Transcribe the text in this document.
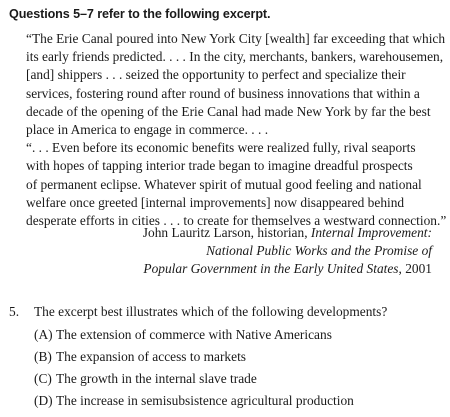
Questions 5–7 refer to the following excerpt.
“The Erie Canal poured into New York City [wealth] far exceeding that which
its early friends predicted. . . . In the city, merchants, bankers, warehousemen,
[and] shippers . . . seized the opportunity to perfect and specialize their
services, fostering round after round of business innovations that within a
decade of the opening of the Erie Canal had made New York by far the best
place in America to engage in commerce. . . .
“. . . Even before its economic benefits were realized fully, rival seaports
with hopes of tapping interior trade began to imagine dreadful prospects
of permanent eclipse. Whatever spirit of mutual good feeling and national
welfare once greeted [internal improvements] now disappeared behind
desperate efforts in cities . . . to create for themselves a westward connection.”
John Lauritz Larson, historian, Internal Improvement:
National Public Works and the Promise of
Popular Government in the Early United States, 2001
5. The excerpt best illustrates which of the following developments?
(A) The extension of commerce with Native Americans
(B) The expansion of access to markets
(C) The growth in the internal slave trade
(D) The increase in semisubsistence agricultural production
